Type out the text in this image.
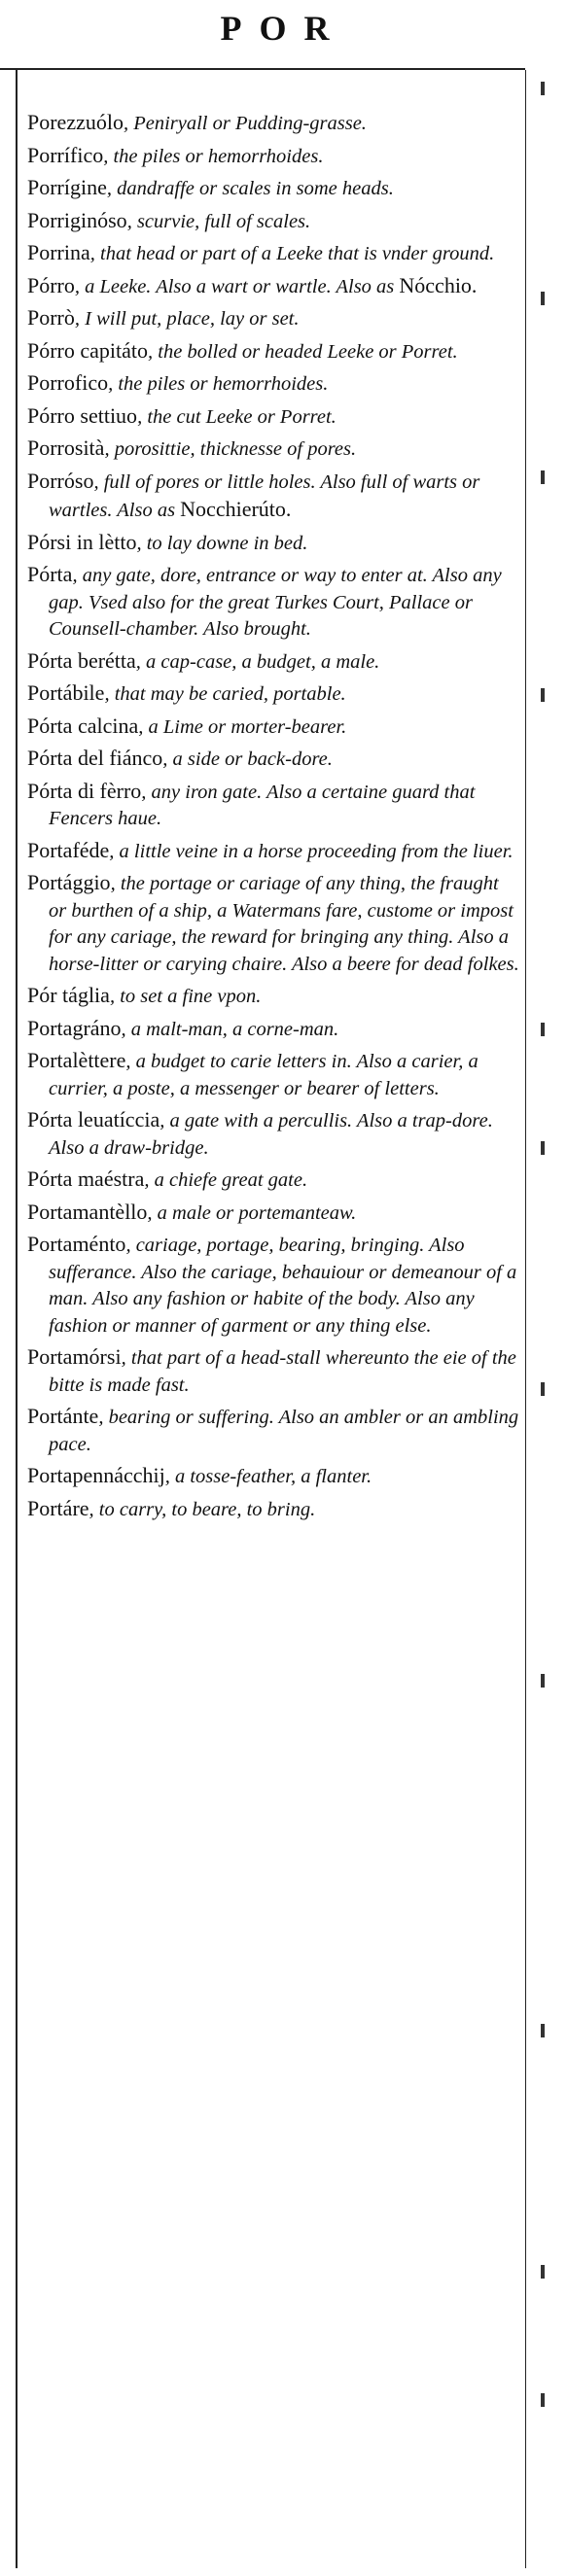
POR

Porezzuólo, Peniryall or Pudding-grasse.

Porrífico, the piles or hemorrhoides.

Porrígine, dandraffe or scales in some heads.

Porriginóso, scurvie, full of scales.

Porrina, that head or part of a Leeke that is vnder ground.

Pórro, a Leeke. Also a wart or wartle. Also as Nócchio.

Porrò, I will put, place, lay or set.

Pórro capitáto, the bolled or headed Leeke or Porret.

Porrofico, the piles or hemorrhoides.

Pórro settiuo, the cut Leeke or Porret.

Porrosità, porosittie, thicknesse of pores.

Porróso, full of pores or little holes. Also full of warts or wartles. Also as Nocchierúto.

Pórsi in lètto, to lay downe in bed.

Pórta, any gate, dore, entrance or way to enter at. Also any gap. Vsed also for the great Turkes Court, Pallace or Counsell-chamber. Also brought.

Pórta berétta, a cap-case, a budget, a male.

Portábile, that may be caried, portable.

Pórta calcina, a Lime or morter-bearer.

Pórta del fiánco, a side or back-dore.

Pórta di fèrro, any iron gate. Also a certaine guard that Fencers haue.

Portaféde, a little veine in a horse proceeding from the liuer.

Portággio, the portage or cariage of any thing, the fraught or burthen of a ship, a Watermans fare, custome or impost for any cariage, the reward for bringing any thing. Also a horse-litter or carying chaire. Also a beere for dead folkes.

Pór táglia, to set a fine vpon.

Portagráno, a malt-man, a corne-man.

Portalèttere, a budget to carie letters in. Also a carier, a currier, a poste, a messenger or bearer of letters.

Pórta leuatíccia, a gate with a percullis. Also a trap-dore. Also a draw-bridge.

Pórta maéstra, a chiefe great gate.

Portamantèllo, a male or portemanteaw.

Portaménto, cariage, portage, bearing, bringing. Also sufferance. Also the cariage, behauiour or demeanour of a man. Also any fashion or habite of the body. Also any fashion or manner of garment or any thing else.

Portamórsi, that part of a head-stall whereunto the eie of the bitte is made fast.

Portánte, bearing or suffering. Also an ambler or an ambling pace.

Portapennácchij, a tosse-feather, a flanter.

Portáre, to carry, to beare, to bring.
